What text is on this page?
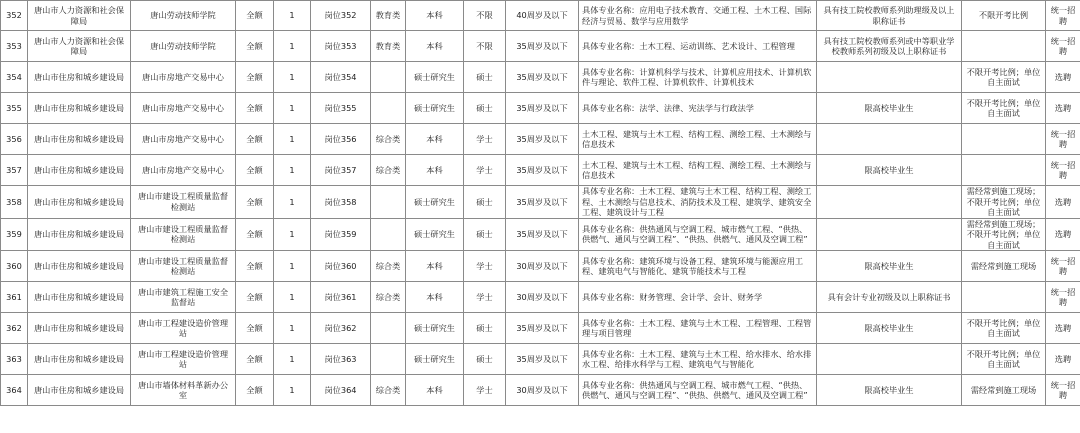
352	唐山市人力资源和社会保障局	唐山劳动技师学院	全额	1	岗位352	教育类	本科	不限	40周岁及以下	具体专业名称：应用电子技术教育、交通工程、土木工程、国际经济与贸易、数学与应用数学	具有技工院校教师系列助理级及以上职称证书	不限开考比例	统一招聘
353	唐山市人力资源和社会保障局	唐山劳动技师学院	全额	1	岗位353	教育类	本科	不限	35周岁及以下	具体专业名称：土木工程、运动训练、艺术设计、工程管理	具有技工院校教师系列或中等职业学校教师系列初级及以上职称证书		统一招聘
354	唐山市住房和城乡建设局	唐山市房地产交易中心	全额	1	岗位354		硕士研究生	硕士	35周岁及以下	具体专业名称：计算机科学与技术、计算机应用技术、计算机软件与理论、软件工程、计算机软件、计算机技术		不限开考比例；单位自主面试	选聘
355	唐山市住房和城乡建设局	唐山市房地产交易中心	全额	1	岗位355		硕士研究生	硕士	35周岁及以下	具体专业名称：法学、法律、宪法学与行政法学	限高校毕业生	不限开考比例；单位自主面试	选聘
356	唐山市住房和城乡建设局	唐山市房地产交易中心	全额	1	岗位356	综合类	本科	学士	35周岁及以下	土木工程、建筑与土木工程、结构工程、测绘工程、土木测绘与信息技术			统一招聘
357	唐山市住房和城乡建设局	唐山市房地产交易中心	全额	1	岗位357	综合类	本科	学士	35周岁及以下	土木工程、建筑与土木工程、结构工程、测绘工程、土木测绘与信息技术	限高校毕业生		统一招聘
358	唐山市住房和城乡建设局	唐山市建设工程质量监督检测站	全额	1	岗位358		硕士研究生	硕士	35周岁及以下	具体专业名称：土木工程、建筑与土木工程、结构工程、测绘工程、土木测绘与信息技术、消防技术及工程、建筑学、建筑安全工程、建筑设计与工程		需经常到施工现场；不限开考比例；单位自主面试	选聘
359	唐山市住房和城乡建设局	唐山市建设工程质量监督检测站	全额	1	岗位359		硕士研究生	硕士	35周岁及以下	具体专业名称：供热通风与空调工程、城市燃气工程、“供热、供燃气、通风与空调工程”、“供热、供燃气、通风及空调工程”		需经常到施工现场；不限开考比例；单位自主面试	选聘
360	唐山市住房和城乡建设局	唐山市建设工程质量监督检测站	全额	1	岗位360	综合类	本科	学士	30周岁及以下	具体专业名称：建筑环境与设备工程、建筑环境与能源应用工程、建筑电气与智能化、建筑节能技术与工程	限高校毕业生	需经常到施工现场	统一招聘
361	唐山市住房和城乡建设局	唐山市建筑工程施工安全监督站	全额	1	岗位361	综合类	本科	学士	30周岁及以下	具体专业名称：财务管理、会计学、会计、财务学	具有会计专业初级及以上职称证书		统一招聘
362	唐山市住房和城乡建设局	唐山市工程建设造价管理站	全额	1	岗位362		硕士研究生	硕士	35周岁及以下	具体专业名称：土木工程、建筑与土木工程、工程管理、工程管理与项目管理	限高校毕业生	不限开考比例；单位自主面试	选聘
363	唐山市住房和城乡建设局	唐山市工程建设造价管理站	全额	1	岗位363		硕士研究生	硕士	35周岁及以下	具体专业名称：土木工程、建筑与土木工程、给水排水、给水排水工程、给排水科学与工程、建筑电气与智能化		不限开考比例；单位自主面试	选聘
364	唐山市住房和城乡建设局	唐山市墙体材料革新办公室	全额	1	岗位364	综合类	本科	学士	30周岁及以下	具体专业名称：供热通风与空调工程、城市燃气工程、“供热、供燃气、通风与空调工程”、“供热、供燃气、通风及空调工程”	限高校毕业生	需经常到施工现场	统一招聘
